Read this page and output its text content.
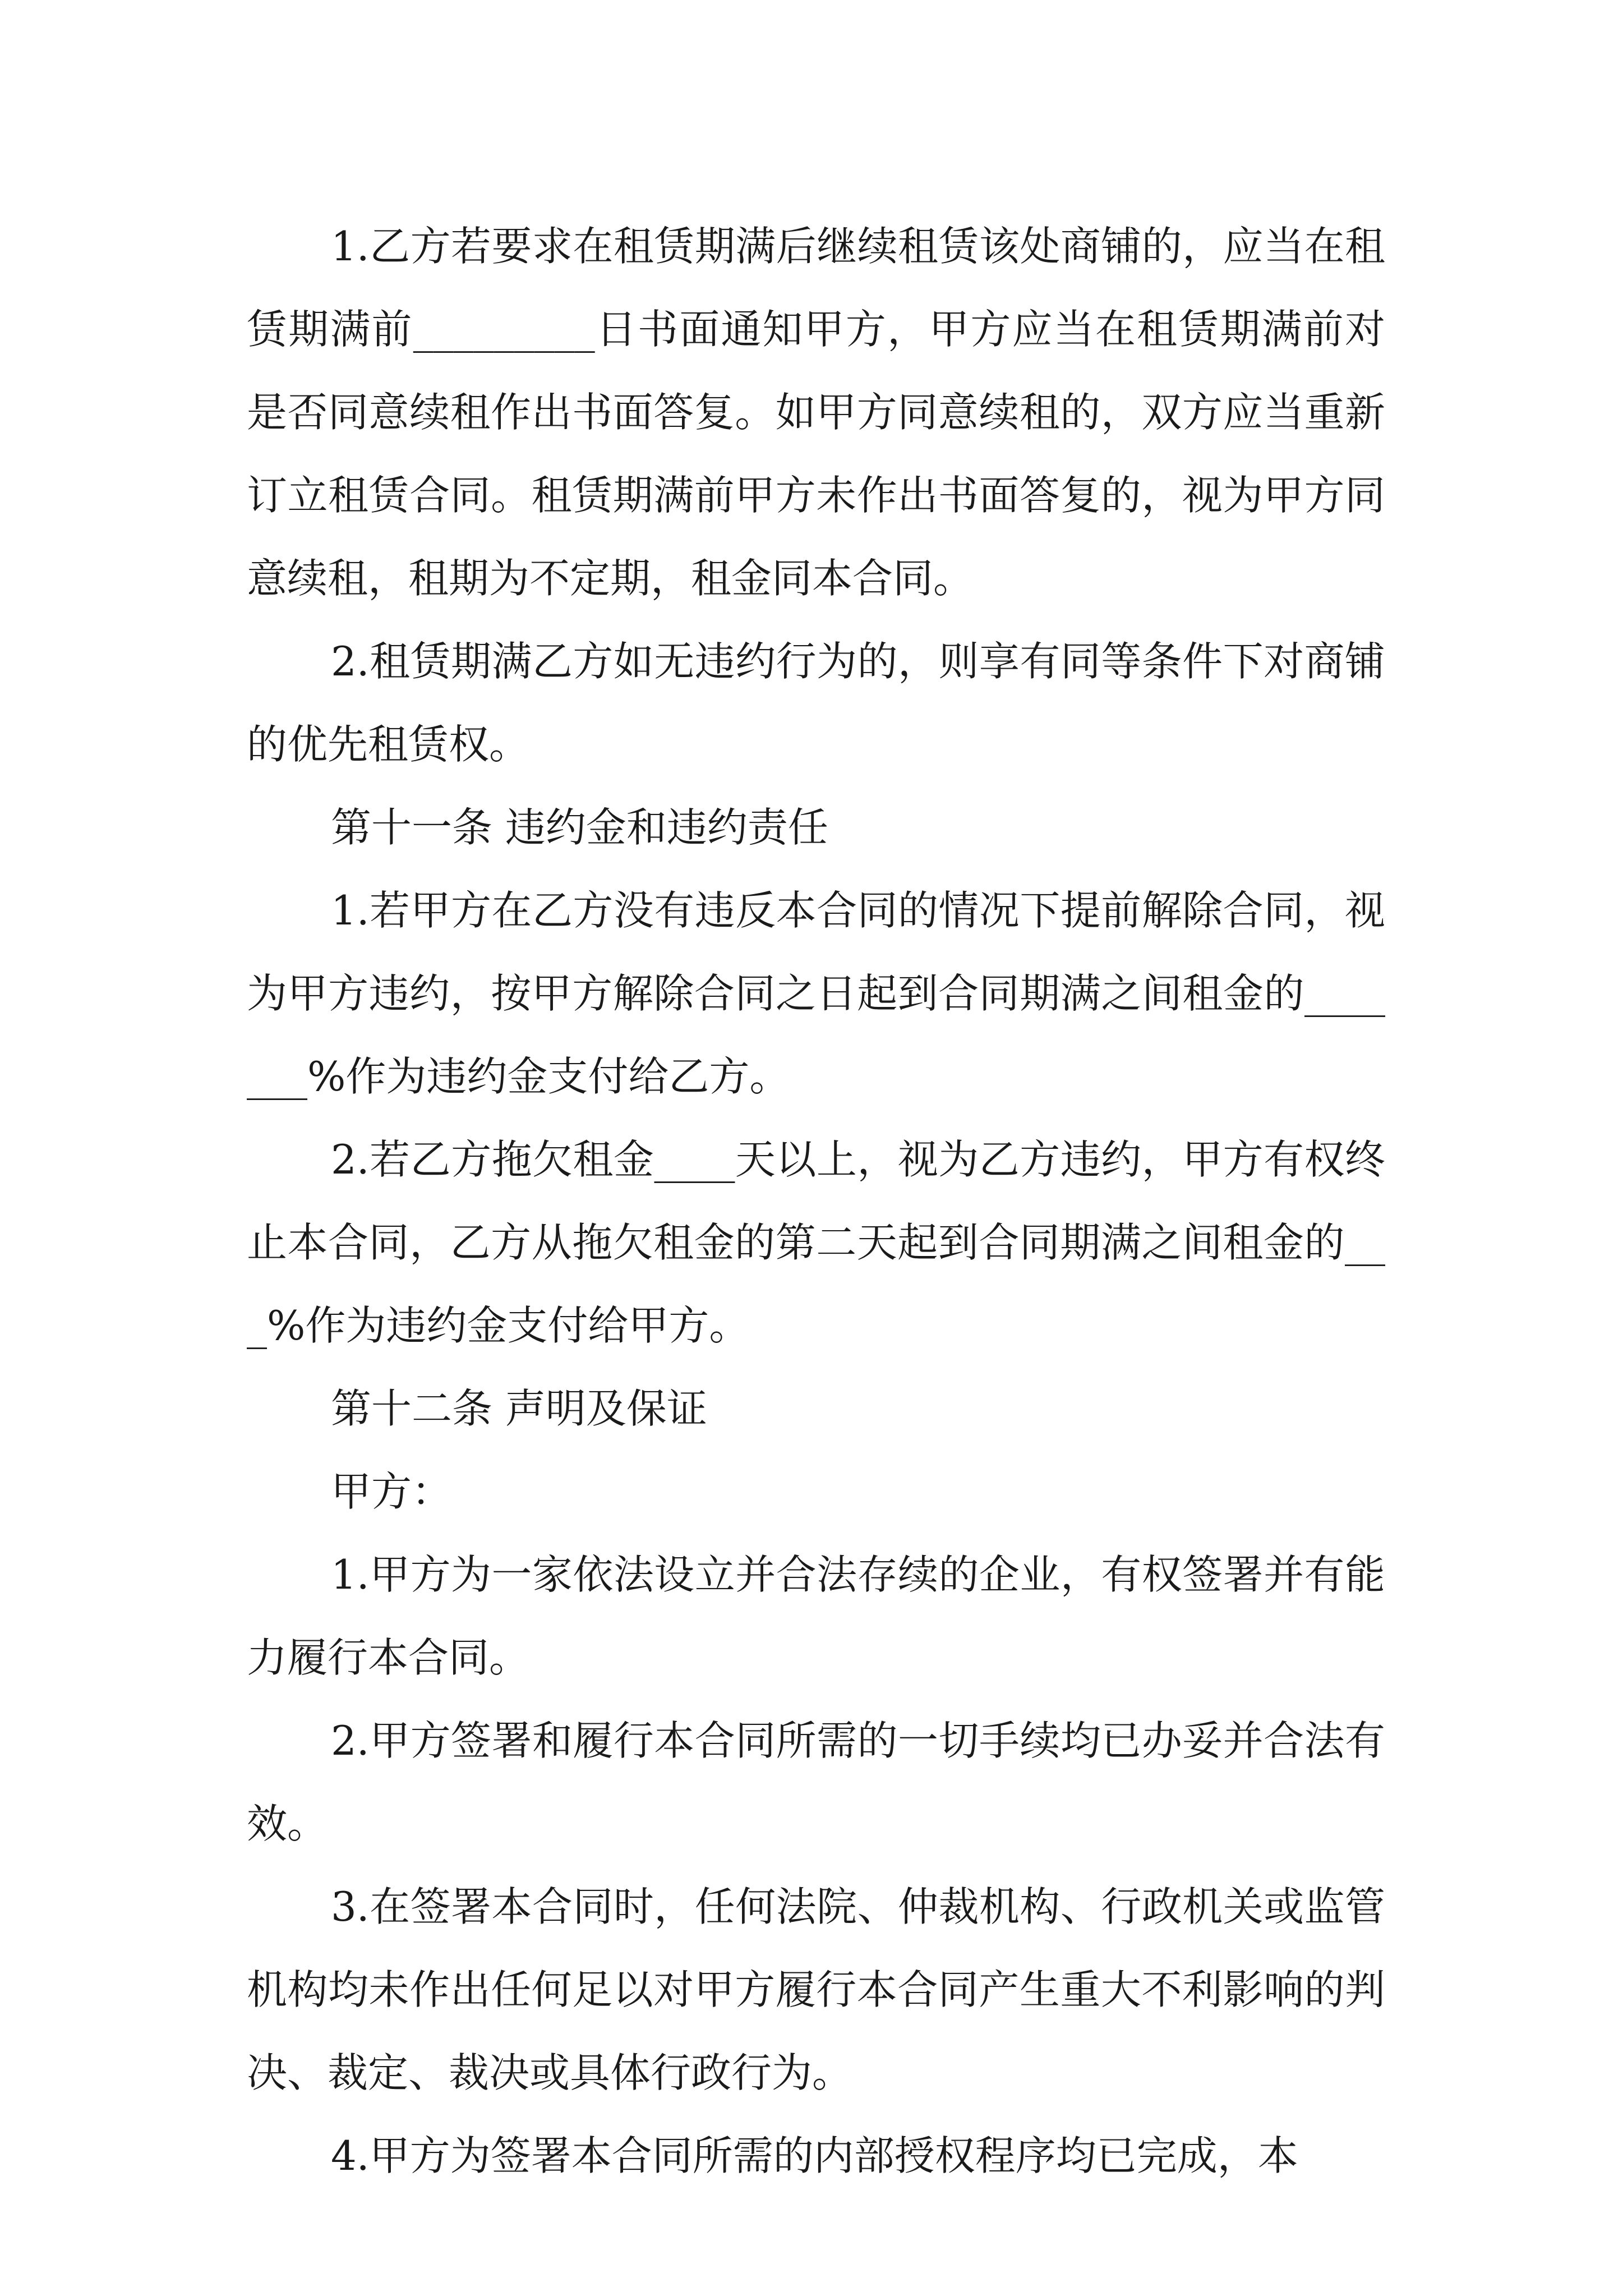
1.乙方若要求在租赁期满后继续租赁该处商铺的，应当在租赁期满前_________日书面通知甲方，甲方应当在租赁期满前对是否同意续租作出书面答复。如甲方同意续租的，双方应当重新订立租赁合同。租赁期满前甲方未作出书面答复的，视为甲方同意续租，租期为不定期，租金同本合同。

2.租赁期满乙方如无违约行为的，则享有同等条件下对商铺的优先租赁权。

第十一条 违约金和违约责任

1.若甲方在乙方没有违反本合同的情况下提前解除合同，视为甲方违约，按甲方解除合同之日起到合同期满之间租金的_______%作为违约金支付给乙方。

2.若乙方拖欠租金____天以上，视为乙方违约，甲方有权终止本合同，乙方从拖欠租金的第二天起到合同期满之间租金的___%作为违约金支付给甲方。

第十二条 声明及保证

甲方：

1.甲方为一家依法设立并合法存续的企业，有权签署并有能力履行本合同。

2.甲方签署和履行本合同所需的一切手续均已办妥并合法有效。

3.在签署本合同时，任何法院、仲裁机构、行政机关或监管机构均未作出任何足以对甲方履行本合同产生重大不利影响的判决、裁定、裁决或具体行政行为。

4.甲方为签署本合同所需的内部授权程序均已完成，本
